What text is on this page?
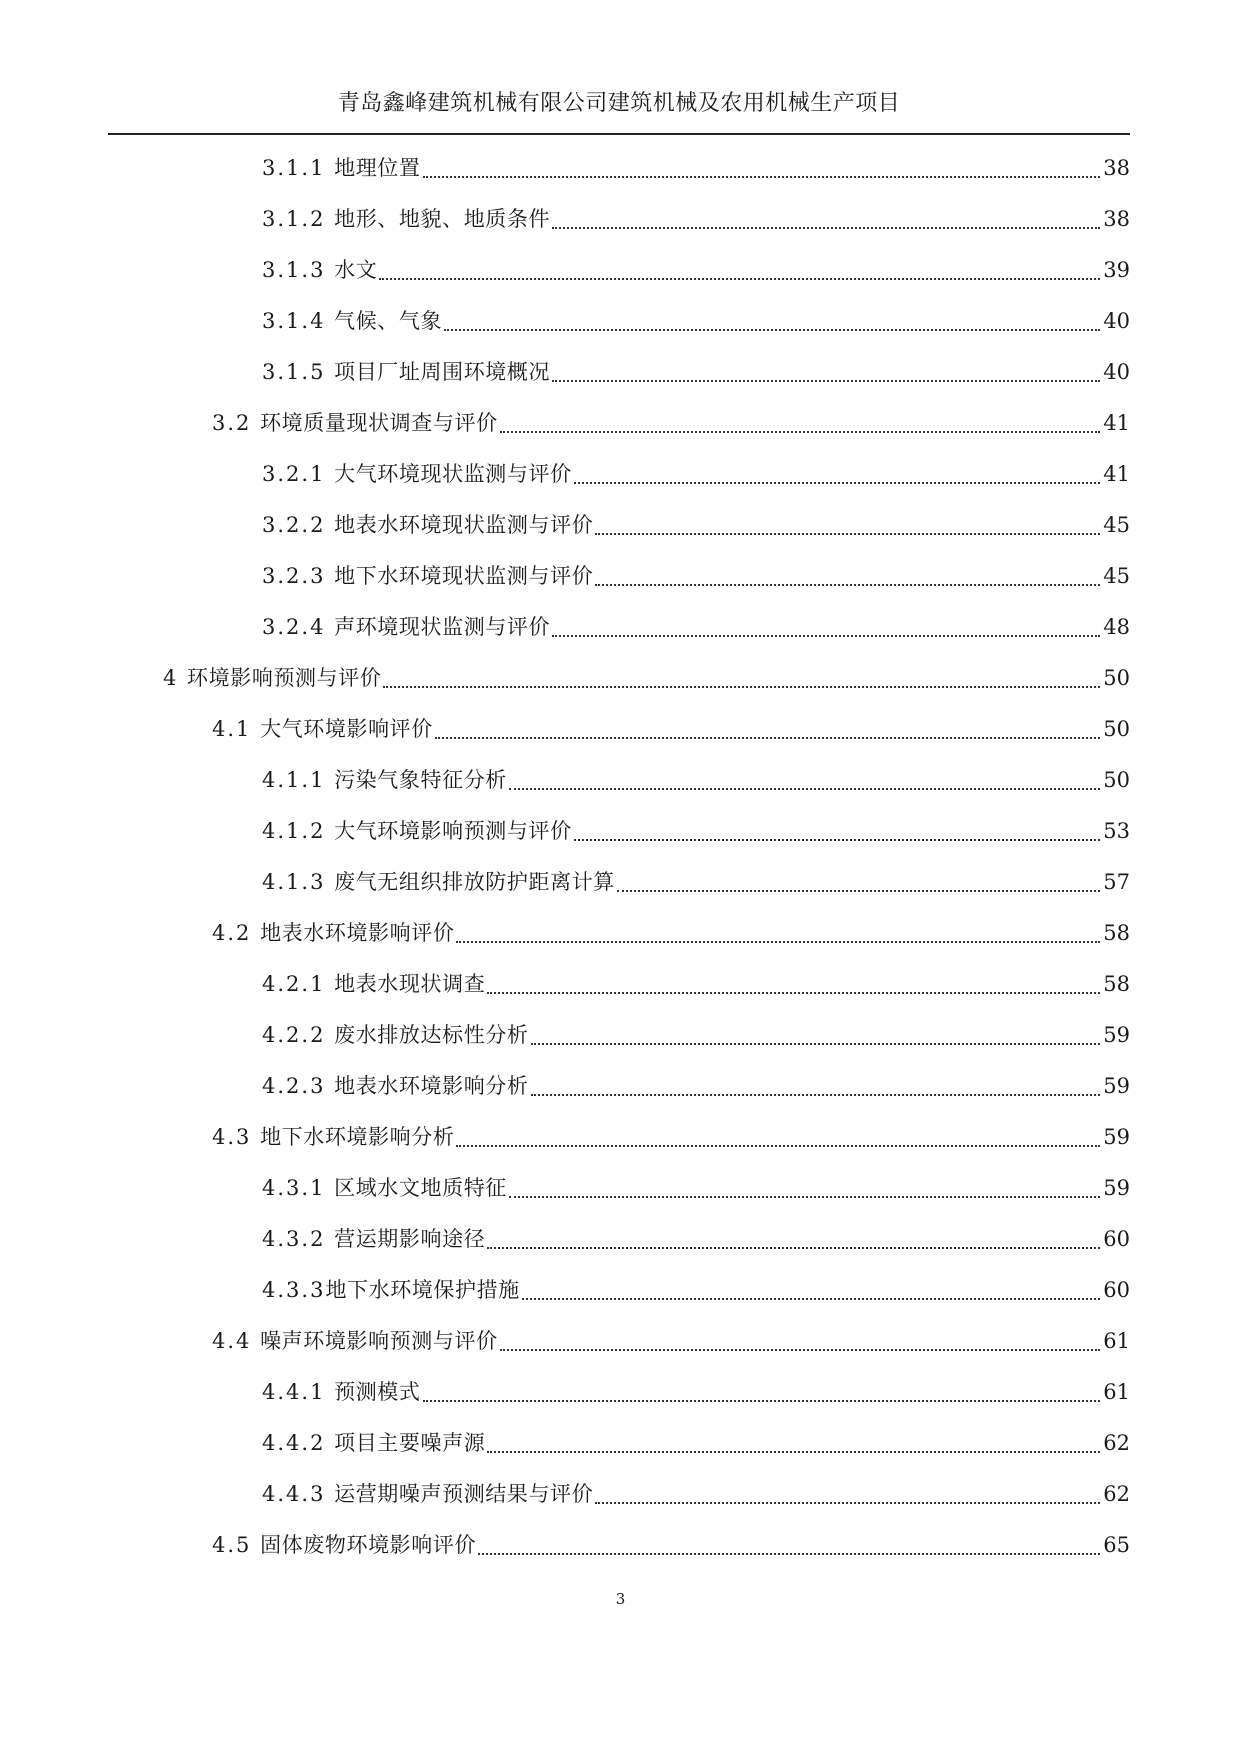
青岛鑫峰建筑机械有限公司建筑机械及农用机械生产项目
3.1.1 地理位置	38
3.1.2 地形、地貌、地质条件	38
3.1.3 水文	39
3.1.4 气候、气象	40
3.1.5 项目厂址周围环境概况	40
3.2 环境质量现状调查与评价	41
3.2.1 大气环境现状监测与评价	41
3.2.2 地表水环境现状监测与评价	45
3.2.3 地下水环境现状监测与评价	45
3.2.4 声环境现状监测与评价	48
4 环境影响预测与评价	50
4.1 大气环境影响评价	50
4.1.1 污染气象特征分析	50
4.1.2 大气环境影响预测与评价	53
4.1.3 废气无组织排放防护距离计算	57
4.2 地表水环境影响评价	58
4.2.1 地表水现状调查	58
4.2.2 废水排放达标性分析	59
4.2.3 地表水环境影响分析	59
4.3 地下水环境影响分析	59
4.3.1 区域水文地质特征	59
4.3.2 营运期影响途径	60
4.3.3 地下水环境保护措施	60
4.4 噪声环境影响预测与评价	61
4.4.1 预测模式	61
4.4.2 项目主要噪声源	62
4.4.3 运营期噪声预测结果与评价	62
4.5 固体废物环境影响评价	65
3
